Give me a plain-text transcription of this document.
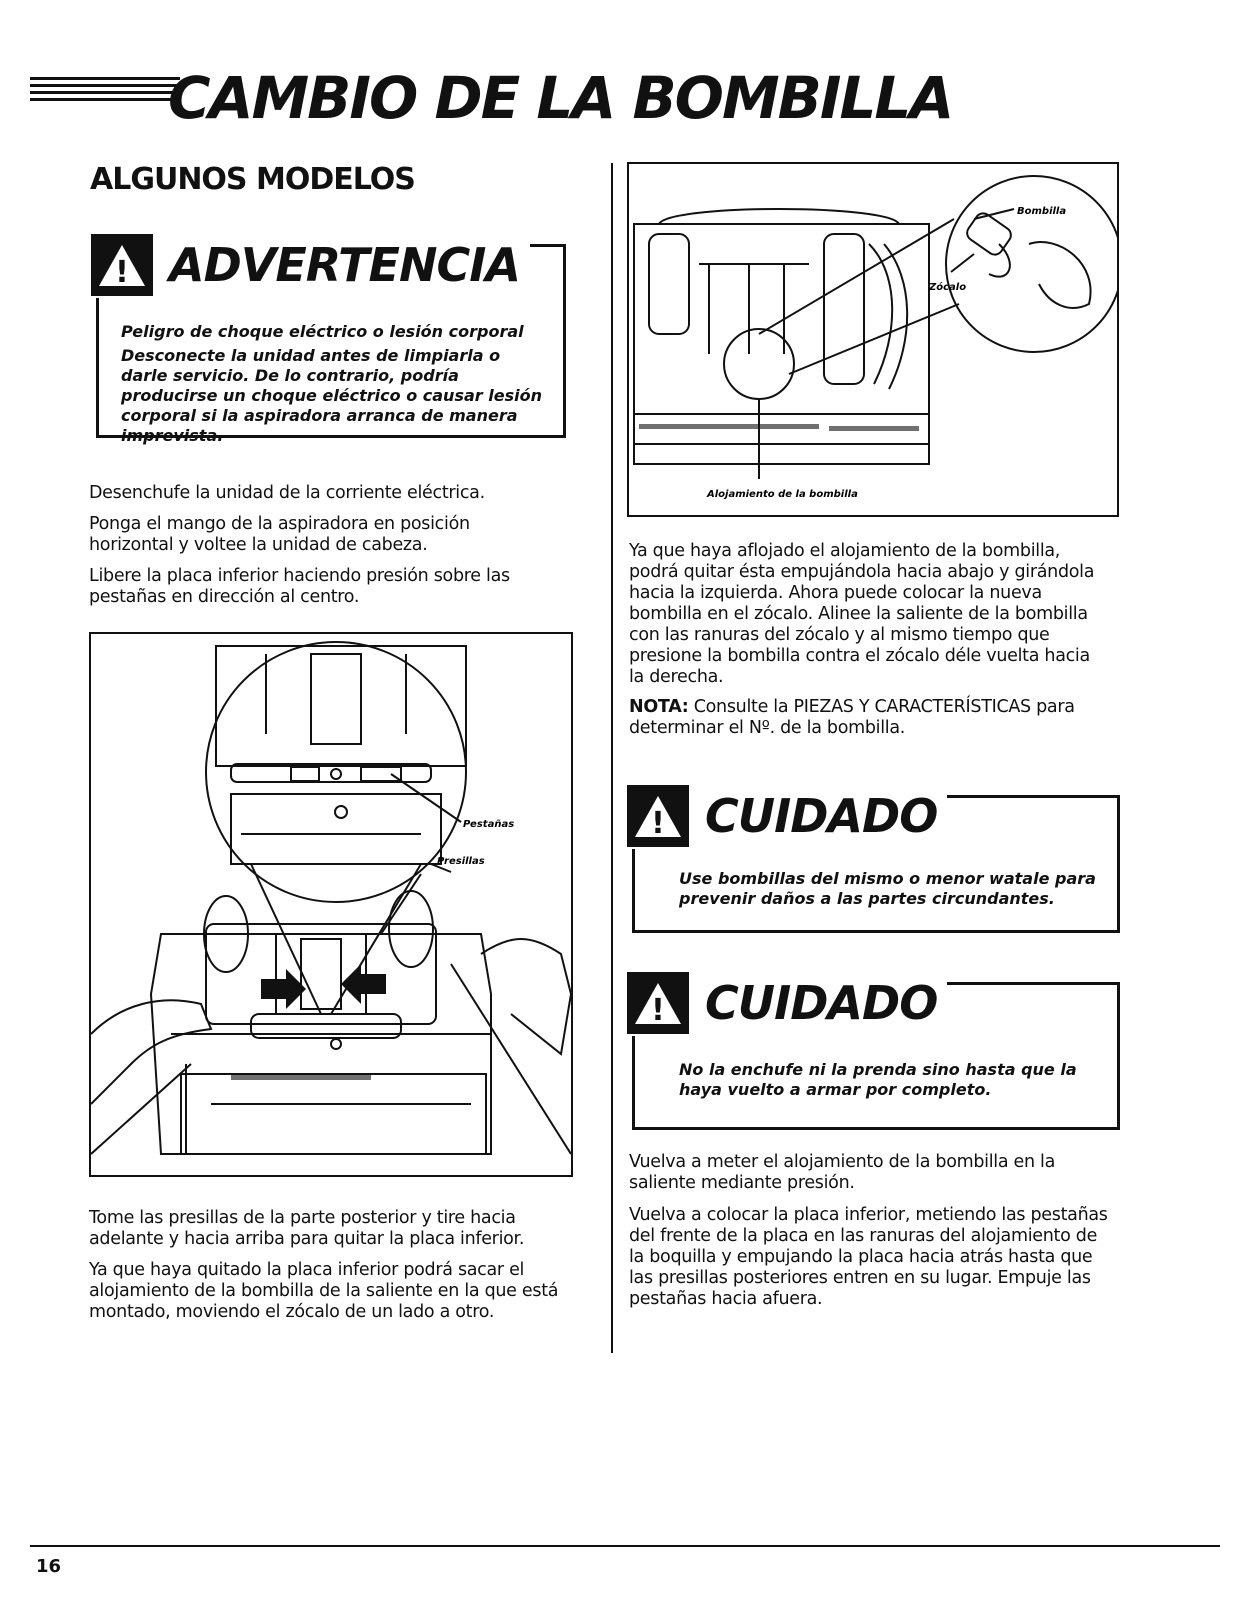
CAMBIO DE LA BOMBILLA
ALGUNOS MODELOS
! ADVERTENCIA
Peligro de choque eléctrico o lesión corporal
Desconecte la unidad antes de limpiarla o darle servicio. De lo contrario, podría producirse un choque eléctrico o causar lesión corporal si la aspiradora arranca de manera imprevista.

Desenchufe la unidad de la corriente eléctrica.

Ponga el mango de la aspiradora en posición horizontal y voltee la unidad de cabeza.

Libere la placa inferior haciendo presión sobre las pestañas en dirección al centro.

Pestañas
Presillas

Tome las presillas de la parte posterior y tire hacia adelante y hacia arriba para quitar la placa inferior.

Ya que haya quitado la placa inferior podrá sacar el alojamiento de la bombilla de la saliente en la que está montado, moviendo el zócalo de un lado a otro.

Bombilla
Zócalo
Alojamiento de la bombilla

Ya que haya aflojado el alojamiento de la bombilla, podrá quitar ésta empujándola hacia abajo y girándola hacia la izquierda. Ahora puede colocar la nueva bombilla en el zócalo. Alinee la saliente de la bombilla con las ranuras del zócalo y al mismo tiempo que presione la bombilla contra el zócalo déle vuelta hacia la derecha.

NOTA: Consulte la PIEZAS Y CARACTERÍSTICAS para determinar el Nº. de la bombilla.

! CUIDADO
Use bombillas del mismo o menor watale para prevenir daños a las partes circundantes.
! CUIDADO
No la enchufe ni la prenda sino hasta que la haya vuelto a armar por completo.

Vuelva a meter el alojamiento de la bombilla en la saliente mediante presión.

Vuelva a colocar la placa inferior, metiendo las pestañas del frente de la placa en las ranuras del alojamiento de la boquilla y empujando la placa hacia atrás hasta que las presillas posteriores entren en su lugar. Empuje las pestañas hacia afuera.

16
